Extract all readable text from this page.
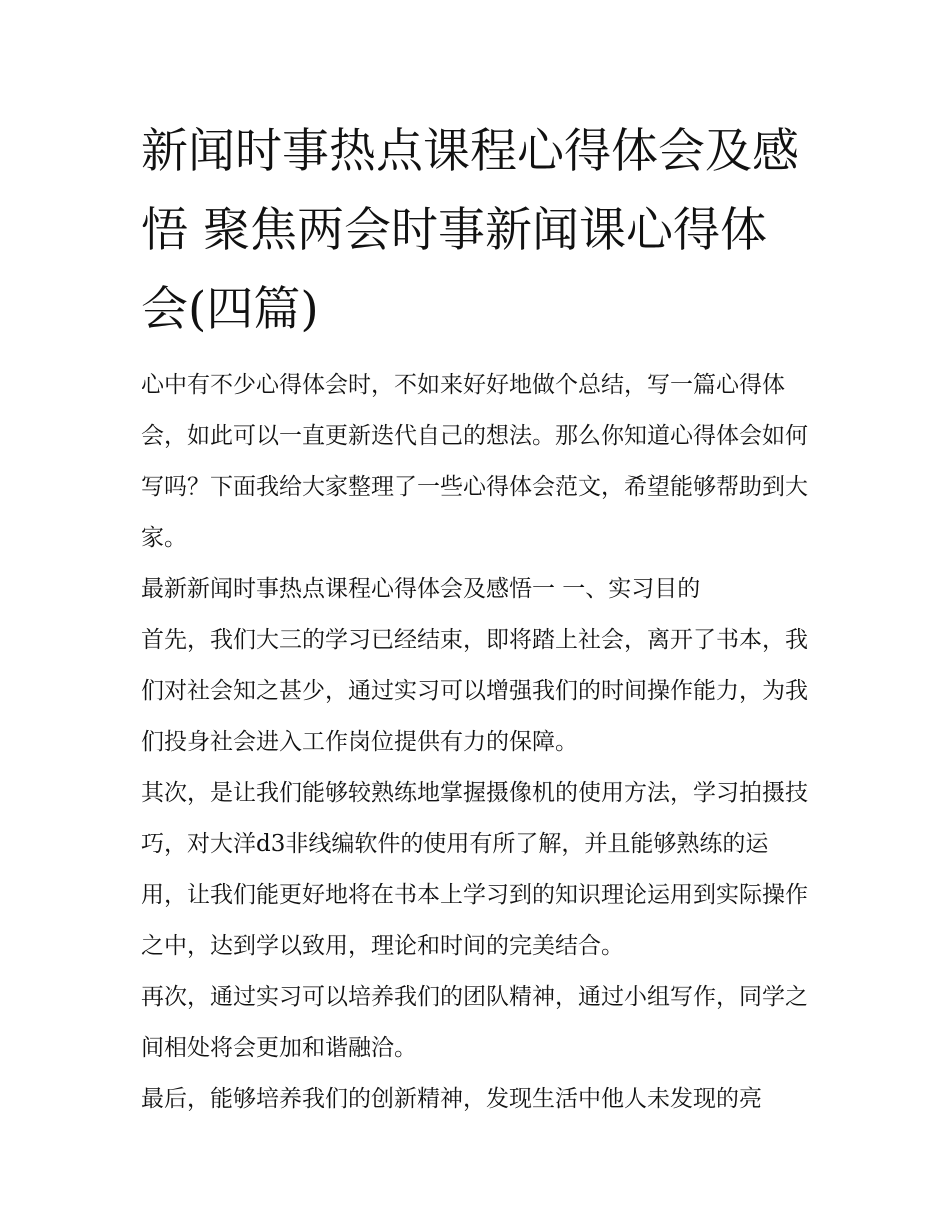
新闻时事热点课程心得体会及感悟 聚焦两会时事新闻课心得体会(四篇)

心中有不少心得体会时，不如来好好地做个总结，写一篇心得体会，如此可以一直更新迭代自己的想法。那么你知道心得体会如何写吗？下面我给大家整理了一些心得体会范文，希望能够帮助到大家。

最新新闻时事热点课程心得体会及感悟一 一、实习目的

首先，我们大三的学习已经结束，即将踏上社会，离开了书本，我们对社会知之甚少，通过实习可以增强我们的时间操作能力，为我们投身社会进入工作岗位提供有力的保障。

其次，是让我们能够较熟练地掌握摄像机的使用方法，学习拍摄技巧，对大洋d3非线编软件的使用有所了解，并且能够熟练的运用，让我们能更好地将在书本上学习到的知识理论运用到实际操作之中，达到学以致用，理论和时间的完美结合。

再次，通过实习可以培养我们的团队精神，通过小组写作，同学之间相处将会更加和谐融洽。

最后，能够培养我们的创新精神，发现生活中他人未发现的亮
